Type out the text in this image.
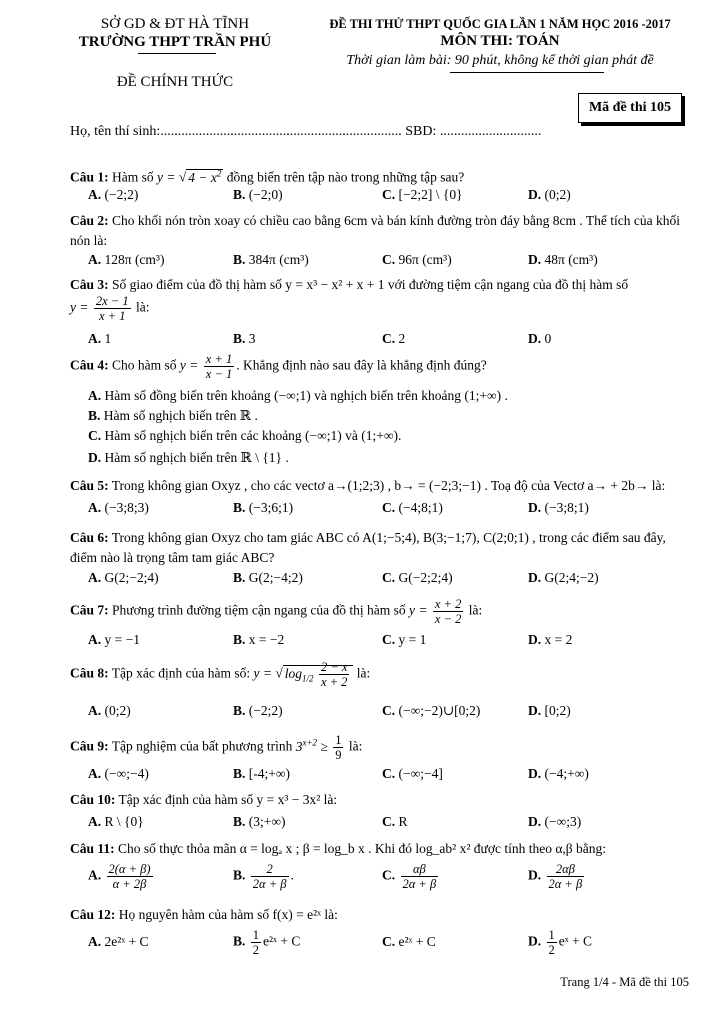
SỞ GD & ĐT HÀ TĨNH
TRƯỜNG THPT TRẦN PHÚ
ĐỀ CHÍNH THỨC
ĐỀ THI THỬ THPT QUỐC GIA LẦN 1 NĂM HỌC 2016 -2017
MÔN THI: TOÁN
Thời gian làm bài: 90 phút, không kể thời gian phát đề
Mã đề thi 105
Họ, tên thí sinh:..................................................................... SBD: .............................
Câu 1: Hàm số y = √ $4 - x^2$ đồng biến trên tập nào trong những tập sau?
A. (−2;2)	B. (−2;0)	C. [−2;2] \ {0}	D. (0;2)
Câu 2: Cho khối nón tròn xoay có chiều cao bằng 6cm và bán kính đường tròn đáy bằng 8cm . Thể tích của khối nón là:
A. 128π (cm³)	B. 384π (cm³)	C. 96π (cm³)	D. 48π (cm³)
Câu 3: Số giao điểm của đồ thị hàm số y = x³ − x² + x + 1 với đường tiệm cận ngang của đồ thị hàm số
$y = \frac{2x - 1}{x + 1}$ là:
A. 1	B. 3	C. 2	D. 0
Câu 4: Cho hàm số $y = \frac{x + 1}{x - 1}$ . Khẳng định nào sau đây là khẳng định đúng?
A. Hàm số đồng biến trên khoảng (−∞;1) và nghịch biến trên khoảng (1;+∞) .
B. Hàm số nghịch biến trên ℝ .
C. Hàm số nghịch biến trên các khoảng (−∞;1) và (1;+∞).
D. Hàm số nghịch biến trên ℝ \ {1} .
Câu 5: Trong không gian Oxyz , cho các vectơ a→(1;2;3) , b→ = (−2;3;−1) . Toạ độ của Vectơ a→ + 2b→ là:
A. (−3;8;3)	B. (−3;6;1)	C. (−4;8;1)	D. (−3;8;1)
Câu 6: Trong không gian Oxyz cho tam giác ABC có A(1;−5;4), B(3;−1;7), C(2;0;1) , trong các điểm sau đây, điểm nào là trọng tâm tam giác ABC?
A. G(2;−2;4)	B. G(2;−4;2)	C. G(−2;2;4)	D. G(2;4;−2)
Câu 7: Phương trình đường tiệm cận ngang của đồ thị hàm số $y = \frac{x + 2}{x - 2}$ là:
A. y = −1	B. x = −2	C. y = 1	D. x = 2
Câu 8: Tập xác định của hàm số: y = √ $\log_{1/2} \frac{2 - x}{x + 2}$ là:
A. (0;2)	B. (−2;2)	C. (−∞;−2)∪[0;2)	D. [0;2)
Câu 9: Tập nghiệm của bất phương trình $3^{x+2} \ge \frac{1}{9}$ là:
A. (−∞;−4)	B. [-4;+∞)	C. (−∞;−4]	D. (−4;+∞)
Câu 10: Tập xác định của hàm số y = x³ − 3x² là:
A. R \ {0}	B. (3;+∞)	C. R	D. (−∞;3)
Câu 11: Cho số thực thỏa mãn α = logₐ x ; β = log_b x . Khi đó log_ab² x² được tính theo α,β bằng:
A. $\frac{2(\alpha + \beta)}{\alpha + 2\beta}$	B. $\frac{2}{2\alpha + \beta}$ .	C. $\frac{\alpha\beta}{2\alpha + \beta}$	D. $\frac{2\alpha\beta}{2\alpha + \beta}$
Câu 12: Họ nguyên hàm của hàm số f(x) = e²ˣ là:
A. 2e²ˣ + C	B. $\frac{1}{2}$ e²ˣ + C	C. e²ˣ + C	D. $\frac{1}{2}$ eˣ + C
Trang 1/4 - Mã đề thi 105
